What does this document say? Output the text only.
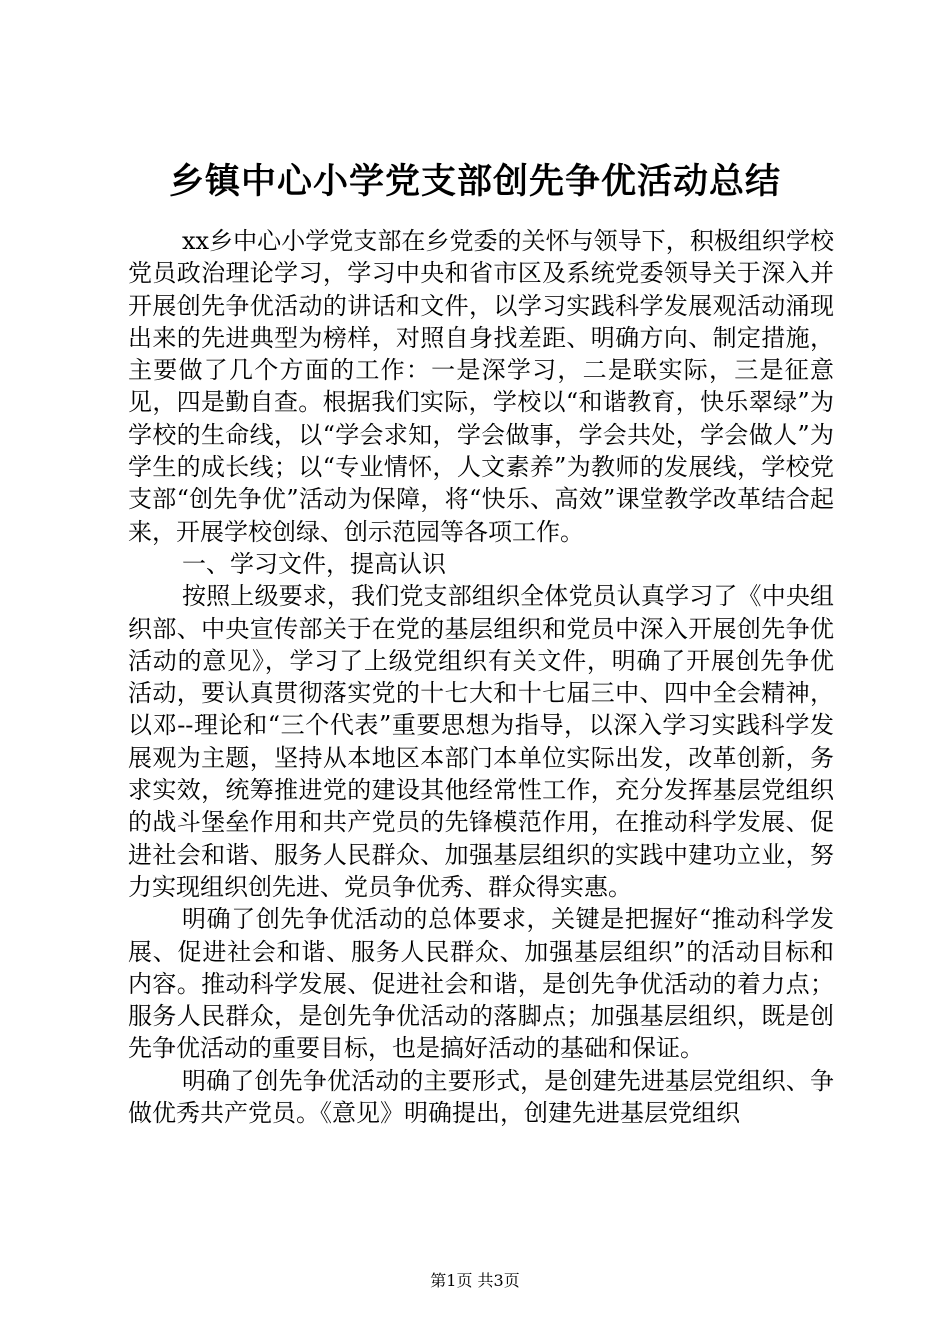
乡镇中心小学党支部创先争优活动总结

xx乡中心小学党支部在乡党委的关怀与领导下，积极组织学校党员政治理论学习，学习中央和省市区及系统党委领导关于深入并开展创先争优活动的讲话和文件，以学习实践科学发展观活动涌现出来的先进典型为榜样，对照自身找差距、明确方向、制定措施，主要做了几个方面的工作：一是深学习，二是联实际，三是征意见，四是勤自查。根据我们实际，学校以“和谐教育，快乐翠绿”为学校的生命线，以“学会求知，学会做事，学会共处，学会做人”为学生的成长线；以“专业情怀，人文素养”为教师的发展线，学校党支部“创先争优”活动为保障，将“快乐、高效”课堂教学改革结合起来，开展学校创绿、创示范园等各项工作。

一、学习文件，提高认识

按照上级要求，我们党支部组织全体党员认真学习了《中央组织部、中央宣传部关于在党的基层组织和党员中深入开展创先争优活动的意见》，学习了上级党组织有关文件，明确了开展创先争优活动，要认真贯彻落实党的十七大和十七届三中、四中全会精神，以邓--理论和“三个代表”重要思想为指导，以深入学习实践科学发展观为主题，坚持从本地区本部门本单位实际出发，改革创新，务求实效，统筹推进党的建设其他经常性工作，充分发挥基层党组织的战斗堡垒作用和共产党员的先锋模范作用，在推动科学发展、促进社会和谐、服务人民群众、加强基层组织的实践中建功立业，努力实现组织创先进、党员争优秀、群众得实惠。

明确了创先争优活动的总体要求，关键是把握好“推动科学发展、促进社会和谐、服务人民群众、加强基层组织”的活动目标和内容。推动科学发展、促进社会和谐，是创先争优活动的着力点；服务人民群众，是创先争优活动的落脚点；加强基层组织，既是创先争优活动的重要目标，也是搞好活动的基础和保证。

明确了创先争优活动的主要形式，是创建先进基层党组织、争做优秀共产党员。《意见》明确提出，创建先进基层党组织

第1页 共3页
